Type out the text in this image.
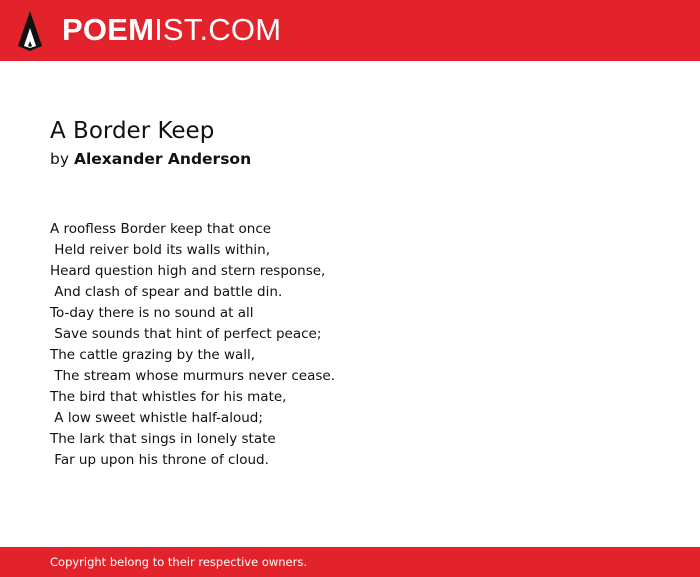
POEM IST.COM
A Border Keep
by Alexander Anderson
A roofless Border keep that once
Held reiver bold its walls within,
Heard question high and stern response,
And clash of spear and battle din.
To-day there is no sound at all
Save sounds that hint of perfect peace;
The cattle grazing by the wall,
The stream whose murmurs never cease.
The bird that whistles for his mate,
A low sweet whistle half-aloud;
The lark that sings in lonely state
Far up upon his throne of cloud.
Copyright belong to their respective owners.
